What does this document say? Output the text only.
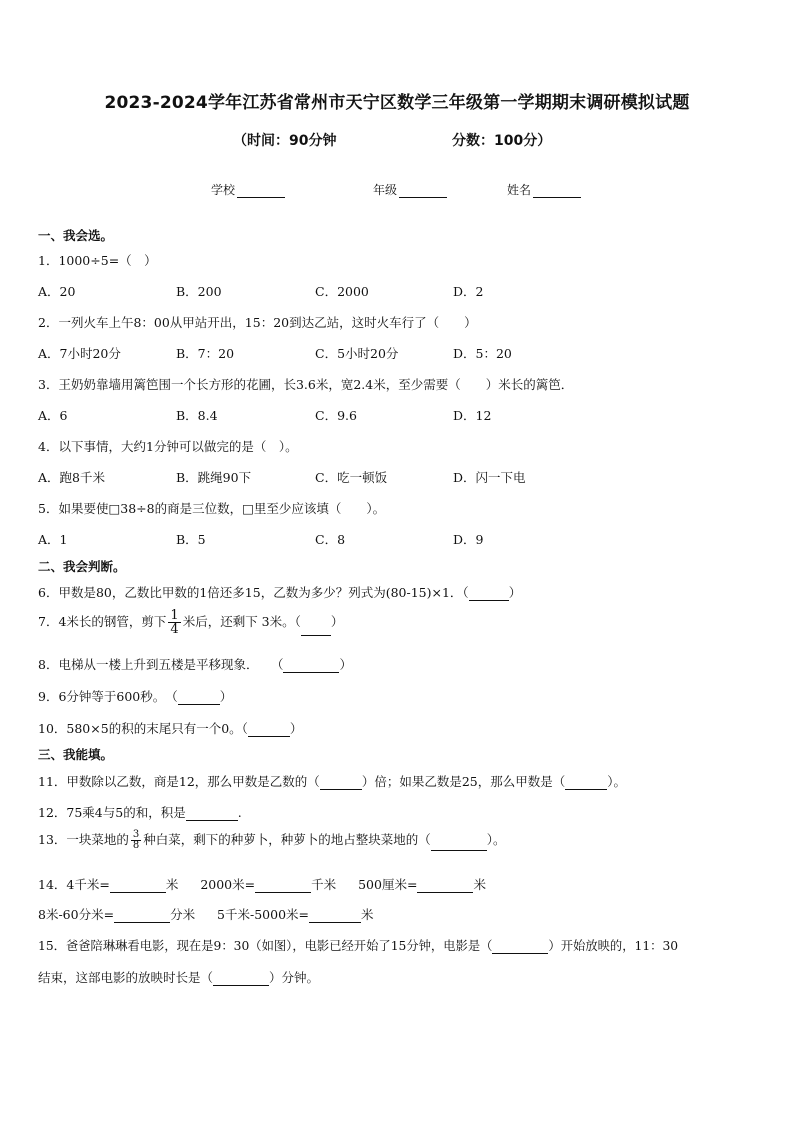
2023-2024学年江苏省常州市天宁区数学三年级第一学期期末调研模拟试题
（时间：90分钟	分数：100分）
学校	年级	姓名
一、我会选。
1．1000÷5=（　）
A．20	B．200	C．2000	D．2
2．一列火车上午8：00从甲站开出，15：20到达乙站，这时火车行了（　　）
A．7小时20分	B．7：20	C．5小时20分	D．5：20
3．王奶奶靠墙用篱笆围一个长方形的花圃，长3.6米，宽2.4米，至少需要（　　）米长的篱笆．
A．6	B．8.4	C．9.6	D．12
4．以下事情，大约1分钟可以做完的是（　）。
A．跑8千米	B．跳绳90下	C．吃一顿饭	D．闪一下电
5．如果要使□38÷8的商是三位数，□里至少应该填（　　）。
A．1	B．5	C．8	D．9
二、我会判断。
6．甲数是80，乙数比甲数的1倍还多15，乙数为多少？列式为(80-15)×1．（	）
7．4米长的钢管，剪下 $\frac{1}{4}$ 米后，还剩下 3米。（ ）
8．电梯从一楼上升到五楼是平移现象．　　（	）
9．6分钟等于600秒。　（	）
10．580×5的积的末尾只有一个0。（	）
三、我能填。
11．甲数除以乙数，商是12，那么甲数是乙数的（	）倍；如果乙数是25，那么甲数是（	）。
12．75乘4与5的和，积是	.
13．一块菜地的 $\frac{3}{8}$ 种白菜，剩下的种萝卜，种萝卜的地占整块菜地的（	）。
14．4千米=	米 2000米=	千米 500厘米=	米
8米-60分米=	分米 5千米-5000米=	米
15．爸爸陪琳琳看电影，现在是9：30（如图），电影已经开始了15分钟，电影是（	）开始放映的，11：30
结束，这部电影的放映时长是（	）分钟。
